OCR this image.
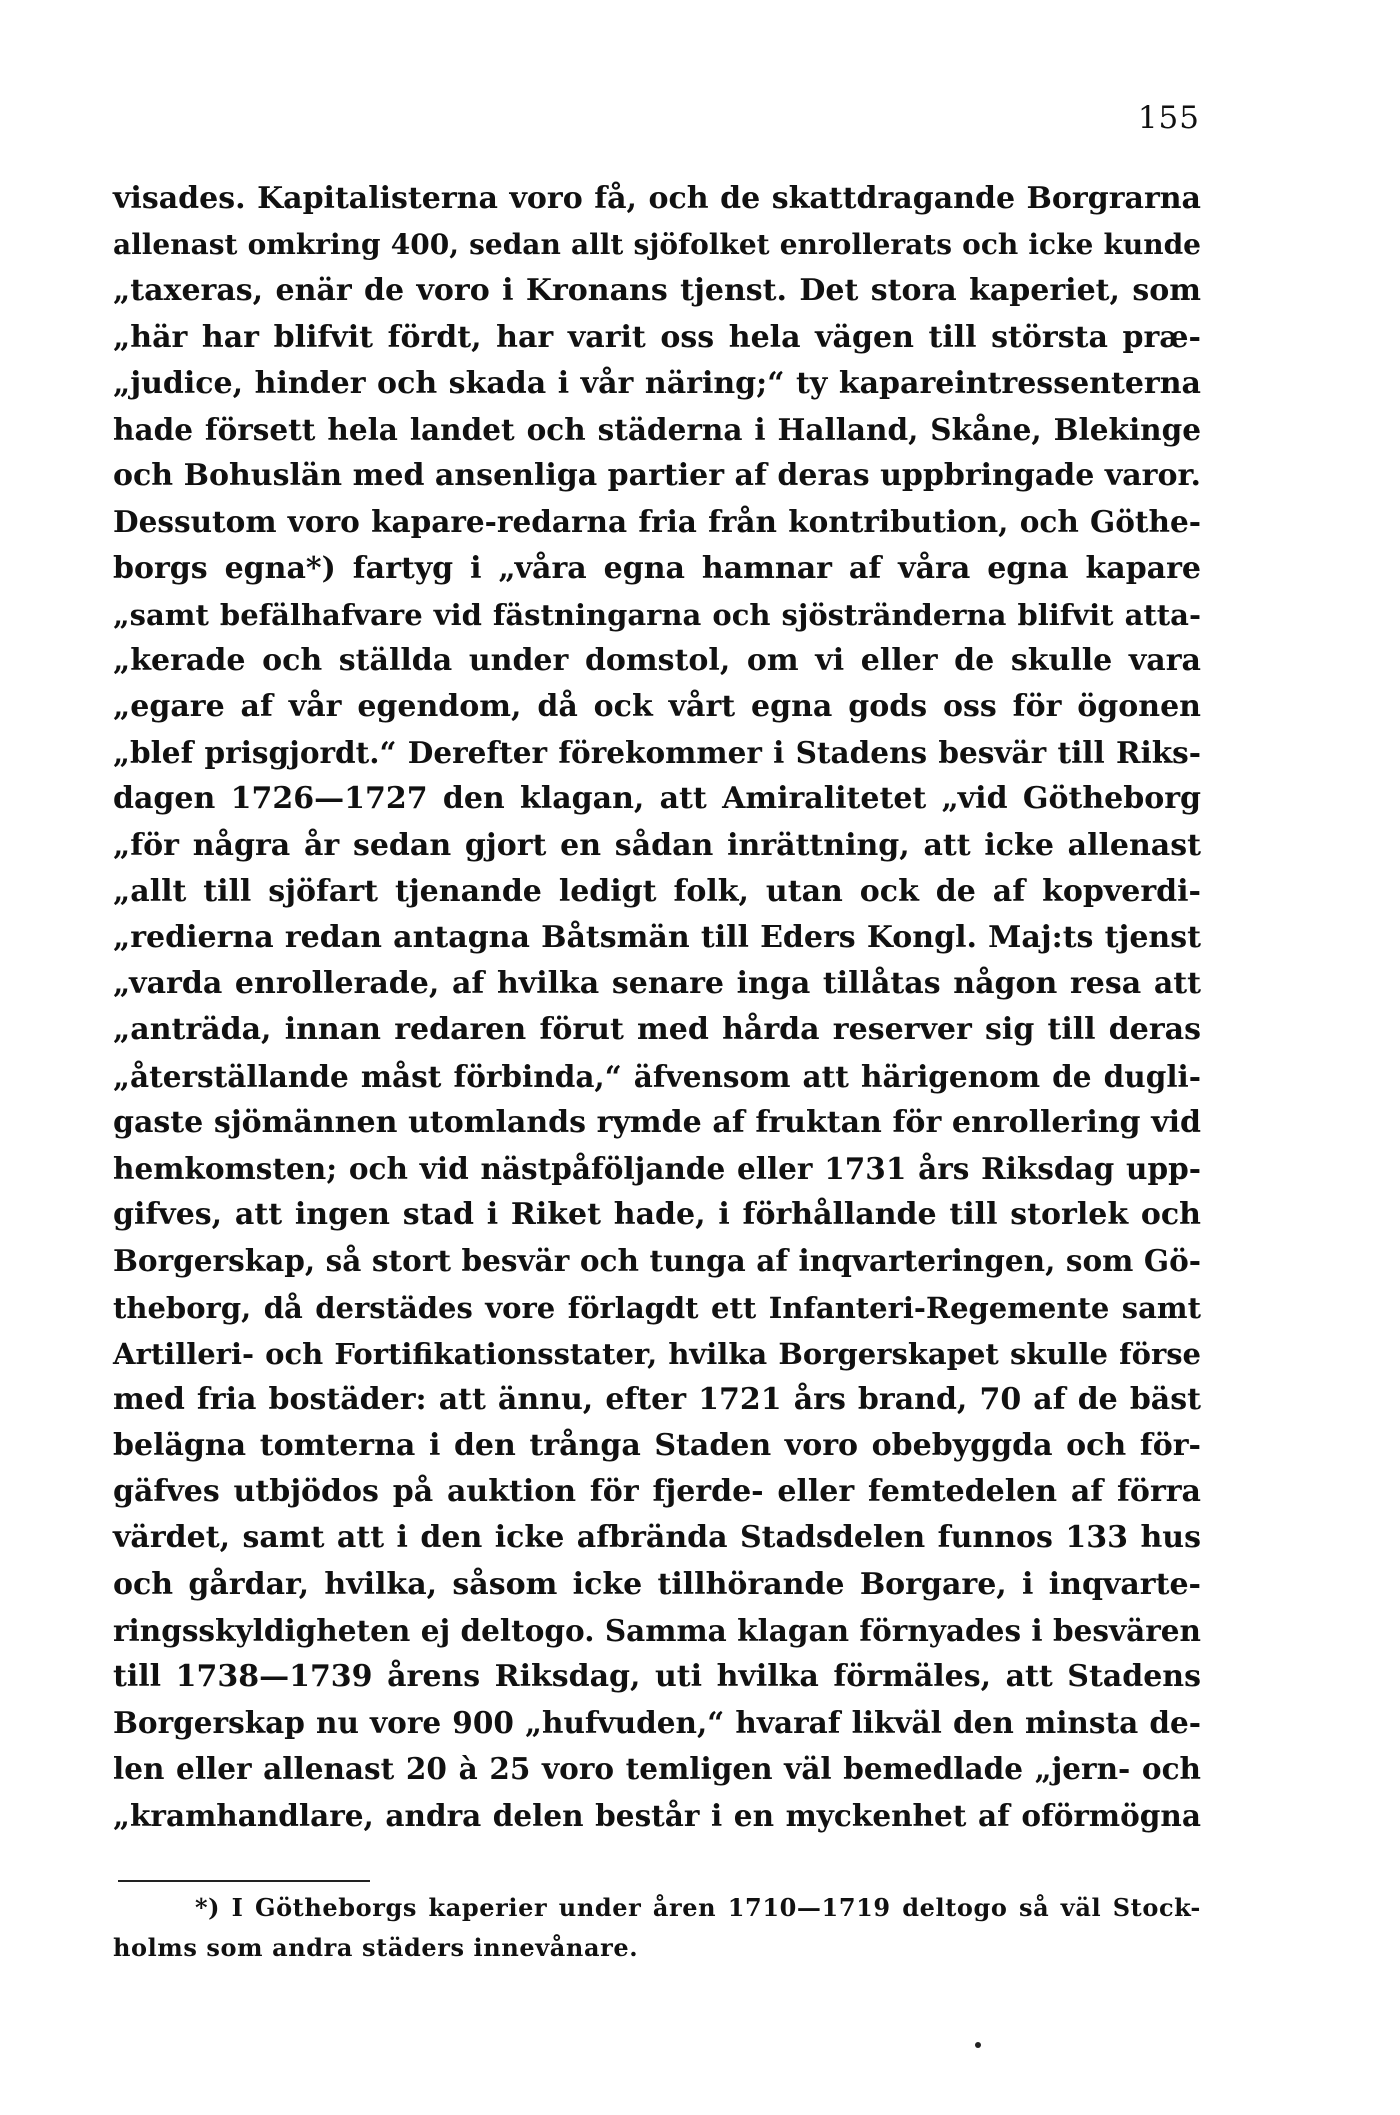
155
visades. Kapitalisterna voro få, och de skattdragande Borgrarna
allenast omkring 400, sedan allt sjöfolket enrollerats och icke kunde
„taxeras, enär de voro i Kronans tjenst. Det stora kaperiet, som
„här har blifvit fördt, har varit oss hela vägen till största præ-
„judice, hinder och skada i vår näring;“ ty kapareintressenterna
hade försett hela landet och städerna i Halland, Skåne, Blekinge
och Bohuslän med ansenliga partier af deras uppbringade varor.
Dessutom voro kapare-redarna fria från kontribution, och Göthe-
borgs egna*) fartyg i „våra egna hamnar af våra egna kapare
„samt befälhafvare vid fästningarna och sjöstränderna blifvit atta-
„kerade och ställda under domstol, om vi eller de skulle vara
„egare af vår egendom, då ock vårt egna gods oss för ögonen
„blef prisgjordt.“ Derefter förekommer i Stadens besvär till Riks-
dagen 1726—1727 den klagan, att Amiralitetet „vid Götheborg
„för några år sedan gjort en sådan inrättning, att icke allenast
„allt till sjöfart tjenande ledigt folk, utan ock de af kopverdi-
„redierna redan antagna Båtsmän till Eders Kongl. Maj:ts tjenst
„varda enrollerade, af hvilka senare inga tillåtas någon resa att
„anträda, innan redaren förut med hårda reserver sig till deras
„återställande måst förbinda,“ äfvensom att härigenom de dugli-
gaste sjömännen utomlands rymde af fruktan för enrollering vid
hemkomsten; och vid nästpåföljande eller 1731 års Riksdag upp-
gifves, att ingen stad i Riket hade, i förhållande till storlek och
Borgerskap, så stort besvär och tunga af inqvarteringen, som Gö-
theborg, då derstädes vore förlagdt ett Infanteri-Regemente samt
Artilleri- och Fortifikationsstater, hvilka Borgerskapet skulle förse
med fria bostäder: att ännu, efter 1721 års brand, 70 af de bäst
belägna tomterna i den trånga Staden voro obebyggda och för-
gäfves utbjödos på auktion för fjerde- eller femtedelen af förra
värdet, samt att i den icke afbrända Stadsdelen funnos 133 hus
och gårdar, hvilka, såsom icke tillhörande Borgare, i inqvarte-
ringsskyldigheten ej deltogo. Samma klagan förnyades i besvären
till 1738—1739 årens Riksdag, uti hvilka förmäles, att Stadens
Borgerskap nu vore 900 „hufvuden,“ hvaraf likväl den minsta de-
len eller allenast 20 à 25 voro temligen väl bemedlade „jern- och
„kramhandlare, andra delen består i en myckenhet af oförmögna
*) I Götheborgs kaperier under åren 1710—1719 deltogo så väl Stock-
holms som andra städers innevånare.
